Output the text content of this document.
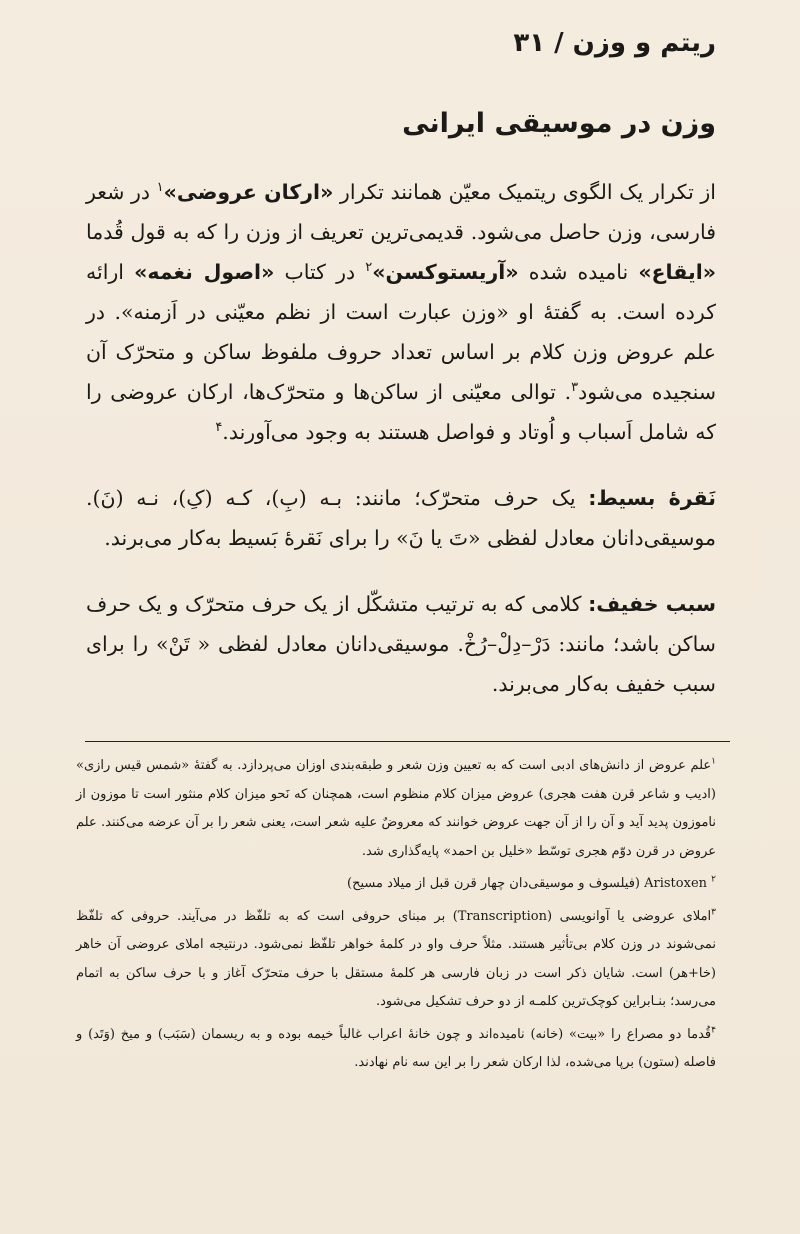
ریتم و وزن / ۳۱
وزن در موسیقی ایرانی

از تکرار یک الگوی ریتمیک معیّن همانند تکرار «ارکان عروضی»$^۱$ در شعر فارسی، وزن حاصل می‌شود. قدیمی‌ترین تعریف از وزن را که به قول قُدما «ایقاع» نامیده شده «آریستوکسن»$^۲$ در کتاب «اصول نغمه» ارائه کرده است. به گفتهٔ او «وزن عبارت است از نظم معیّنی در اَزمنه». در علم عروض وزن کلام بر اساس تعداد حروف ملفوظ ساکن و متحرّک آن سنجیده می‌شود$^۳$. توالی معیّنی از ساکن‌ها و متحرّک‌ها، ارکان عروضی را که شامل اَسباب و اُوتاد و فواصل هستند به وجود می‌آورند.$^۴$

نَقرهٔ بسیط: یک حرف متحرّک؛ مانند: بـه (بِ)، کـه (کِ)، نـه (نَ). موسیقی‌دانان معادل لفظی «تَ یا نَ» را برای نَقرهٔ بَسیط به‌کار می‌برند.

سبب خفیف: کلامی که به ترتیب متشکّل از یک حرف متحرّک و یک حرف ساکن باشد؛ مانند: دَرْ–دِلْ–رُخْ. موسیقی‌دانان معادل لفظی « تَنْ» را برای سبب خفیف به‌کار می‌برند.

$^۱$علم عروض از دانش‌های ادبی است که به تعیین وزن شعر و طبقه‌بندی اوزان می‌پردازد. به گفتهٔ «شمس قیس رازی» (ادیب و شاعر قرن هفت هجری) عروض میزان کلام منظوم است، همچنان که نَحو میزان کلام منثور است تا موزون از ناموزون پدید آید و آن را از آن جهت عروض خوانند که معروضٌ علیه شعر است، یعنی شعر را بر آن عرضه می‌کنند. علم عروض در قرن دوّم هجری توسّط «خلیل بن احمد» پایه‌گذاری شد.

$^۲$ Aristoxen (فیلسوف و موسیقی‌دان چهار قرن قبل از میلاد مسیح)

$^۳$املای عروضی یا آوانویسی (Transcription) بر مبنای حروفی است که به تلفّظ در می‌آیند. حروفی که تلفّظ نمی‌شوند در وزن کلام بی‌تأثیر هستند. مثلاً حرف واو در کلمهٔ خواهر تلفّظ نمی‌شود. درنتیجه املای عروضی آن خاهر (خا+هر) است. شایان ذکر است در زبان فارسی هر کلمهٔ مستقل با حرف متحرّک آغاز و با حرف ساکن به اتمام می‌رسد؛ بنـابراین کوچک‌ترین کلمـه از دو حرف تشکیل می‌شود.

$^۴$قُدما دو مصراع را «بیت» (خانه) نامیده‌اند و چون خانهٔ اعراب غالباً خیمه بوده و به ریسمان (سَبَب) و میخ (وَتَد) و فاصله (ستون) برپا می‌شده، لذا ارکان شعر را بر این سه نام نهادند.
